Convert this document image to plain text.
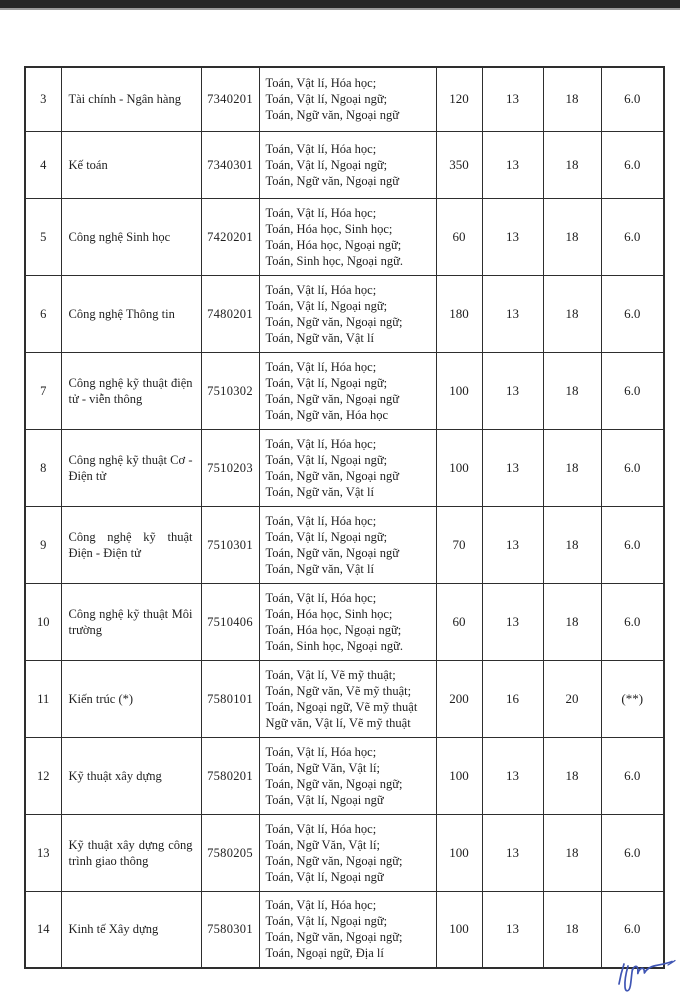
3	Tài chính - Ngân hàng	7340201	Toán, Vật lí, Hóa học;
Toán, Vật lí, Ngoại ngữ;
Toán, Ngữ văn, Ngoại ngữ	120	13	18	6.0
4	Kế toán	7340301	Toán, Vật lí, Hóa học;
Toán, Vật lí, Ngoại ngữ;
Toán, Ngữ văn, Ngoại ngữ	350	13	18	6.0
5	Công nghệ Sinh học	7420201	Toán, Vật lí, Hóa học;
Toán, Hóa học, Sinh học;
Toán, Hóa học, Ngoại ngữ;
Toán, Sinh học, Ngoại ngữ.	60	13	18	6.0
6	Công nghệ Thông tin	7480201	Toán, Vật lí, Hóa học;
Toán, Vật lí, Ngoại ngữ;
Toán, Ngữ văn, Ngoại ngữ;
Toán, Ngữ văn, Vật lí	180	13	18	6.0
7	Công nghệ kỹ thuật điện tử - viễn thông	7510302	Toán, Vật lí, Hóa học;
Toán, Vật lí, Ngoại ngữ;
Toán, Ngữ văn, Ngoại ngữ
Toán, Ngữ văn, Hóa học	100	13	18	6.0
8	Công nghệ kỹ thuật Cơ - Điện tử	7510203	Toán, Vật lí, Hóa học;
Toán, Vật lí, Ngoại ngữ;
Toán, Ngữ văn, Ngoại ngữ
Toán, Ngữ văn, Vật lí	100	13	18	6.0
9	Công nghệ kỹ thuật Điện - Điện tử	7510301	Toán, Vật lí, Hóa học;
Toán, Vật lí, Ngoại ngữ;
Toán, Ngữ văn, Ngoại ngữ
Toán, Ngữ văn, Vật lí	70	13	18	6.0
10	Công nghệ kỹ thuật Môi trường	7510406	Toán, Vật lí, Hóa học;
Toán, Hóa học, Sinh học;
Toán, Hóa học, Ngoại ngữ;
Toán, Sinh học, Ngoại ngữ.	60	13	18	6.0
11	Kiến trúc (*)	7580101	Toán, Vật lí, Vẽ mỹ thuật;
Toán, Ngữ văn, Vẽ mỹ thuật;
Toán, Ngoại ngữ, Vẽ mỹ thuật
Ngữ văn, Vật lí, Vẽ mỹ thuật	200	16	20	(**)
12	Kỹ thuật xây dựng	7580201	Toán, Vật lí, Hóa học;
Toán, Ngữ Văn, Vật lí;
Toán, Ngữ văn, Ngoại ngữ;
Toán, Vật lí, Ngoại ngữ	100	13	18	6.0
13	Kỹ thuật xây dựng công trình giao thông	7580205	Toán, Vật lí, Hóa học;
Toán, Ngữ Văn, Vật lí;
Toán, Ngữ văn, Ngoại ngữ;
Toán, Vật lí, Ngoại ngữ	100	13	18	6.0
14	Kinh tế Xây dựng	7580301	Toán, Vật lí, Hóa học;
Toán, Vật lí, Ngoại ngữ;
Toán, Ngữ văn, Ngoại ngữ;
Toán, Ngoại ngữ, Địa lí	100	13	18	6.0
